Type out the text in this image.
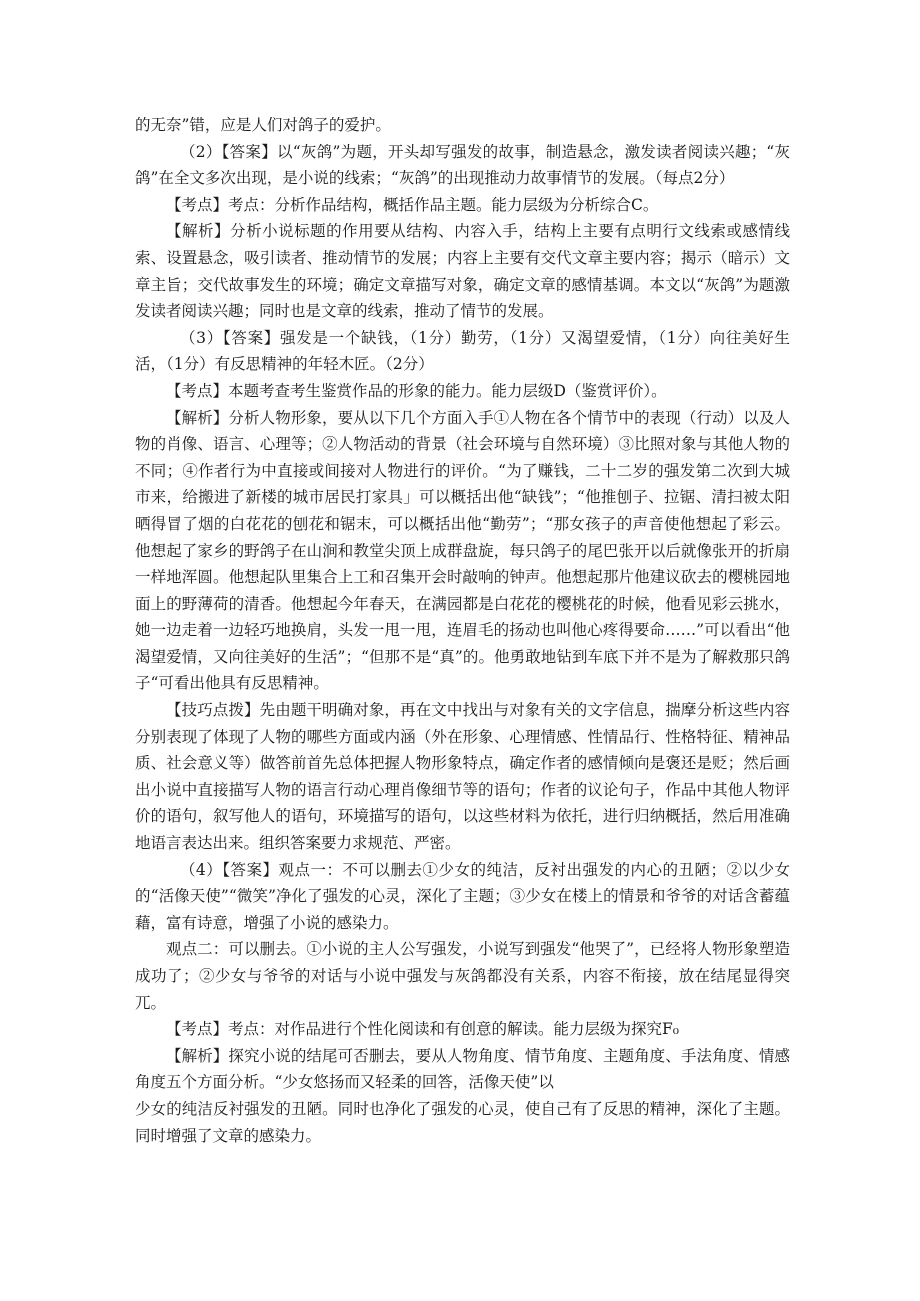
的无奈”错，应是人们对鸽子的爱护。

（2）【答案】以“灰鸽”为题，开头却写强发的故事，制造悬念，激发读者阅读兴趣；“灰鸽”在全文多次出现，是小说的线索；“灰鸽”的出现推动力故事情节的发展。（每点2分）

【考点】考点：分析作品结构，概括作品主题。能力层级为分析综合C。

【解析】分析小说标题的作用要从结构、内容入手，结构上主要有点明行文线索或感情线索、设置悬念，吸引读者、推动情节的发展；内容上主要有交代文章主要内容；揭示（暗示）文章主旨；交代故事发生的环境；确定文章描写对象，确定文章的感情基调。本文以“灰鸽”为题激发读者阅读兴趣；同时也是文章的线索，推动了情节的发展。

（3）【答案】强发是一个缺钱，（1分）勤劳，（1分）又渴望爱情，（1分）向往美好生活，（1分）有反思精神的年轻木匠。（2分）

【考点】本题考查考生鉴赏作品的形象的能力。能力层级D（鉴赏评价）。

【解析】分析人物形象，要从以下几个方面入手①人物在各个情节中的表现（行动）以及人物的肖像、语言、心理等；②人物活动的背景（社会环境与自然环境）③比照对象与其他人物的不同；④作者行为中直接或间接对人物进行的评价。“为了赚钱，二十二岁的强发第二次到大城市来，给搬进了新楼的城市居民打家具」可以概括出他“缺钱”；“他推刨子、拉锯、清扫被太阳晒得冒了烟的白花花的刨花和锯末，可以概括出他“勤劳”；“那女孩子的声音使他想起了彩云。他想起了家乡的野鸽子在山涧和教堂尖顶上成群盘旋，每只鸽子的尾巴张开以后就像张开的折扇一样地浑圆。他想起队里集合上工和召集开会时敲响的钟声。他想起那片他建议砍去的樱桃园地面上的野薄荷的清香。他想起今年春天，在满园都是白花花的樱桃花的时候，他看见彩云挑水，她一边走着一边轻巧地换肩，头发一甩一甩，连眉毛的扬动也叫他心疼得要命……”可以看出“他渴望爱情，又向往美好的生活”；“但那不是“真”的。他勇敢地钻到车底下并不是为了解救那只鸽子“可看出他具有反思精神。

【技巧点拨】先由题干明确对象，再在文中找出与对象有关的文字信息，揣摩分析这些内容分别表现了体现了人物的哪些方面或内涵（外在形象、心理情感、性情品行、性格特征、精神品质、社会意义等）做答前首先总体把握人物形象特点，确定作者的感情倾向是褒还是贬；然后画出小说中直接描写人物的语言行动心理肖像细节等的语句；作者的议论句子，作品中其他人物评价的语句，叙写他人的语句，环境描写的语句，以这些材料为依托，进行归纳概括，然后用准确地语言表达出来。组织答案要力求规范、严密。

（4）【答案】观点一：不可以删去①少女的纯洁，反衬出强发的内心的丑陋；②以少女的“活像天使”“微笑”净化了强发的心灵，深化了主题；③少女在楼上的情景和爷爷的对话含蓄蕴藉，富有诗意，增强了小说的感染力。

观点二：可以删去。①小说的主人公写强发，小说写到强发“他哭了”，已经将人物形象塑造成功了；②少女与爷爷的对话与小说中强发与灰鸽都没有关系，内容不衔接，放在结尾显得突兀。

【考点】考点：对作品进行个性化阅读和有创意的解读。能力层级为探究F₀

【解析】探究小说的结尾可否删去，要从人物角度、情节角度、主题角度、手法角度、情感角度五个方面分析。“少女悠扬而又轻柔的回答，活像天使”以

少女的纯洁反衬强发的丑陋。同时也净化了强发的心灵，使自己有了反思的精神，深化了主题。同时增强了文章的感染力。
